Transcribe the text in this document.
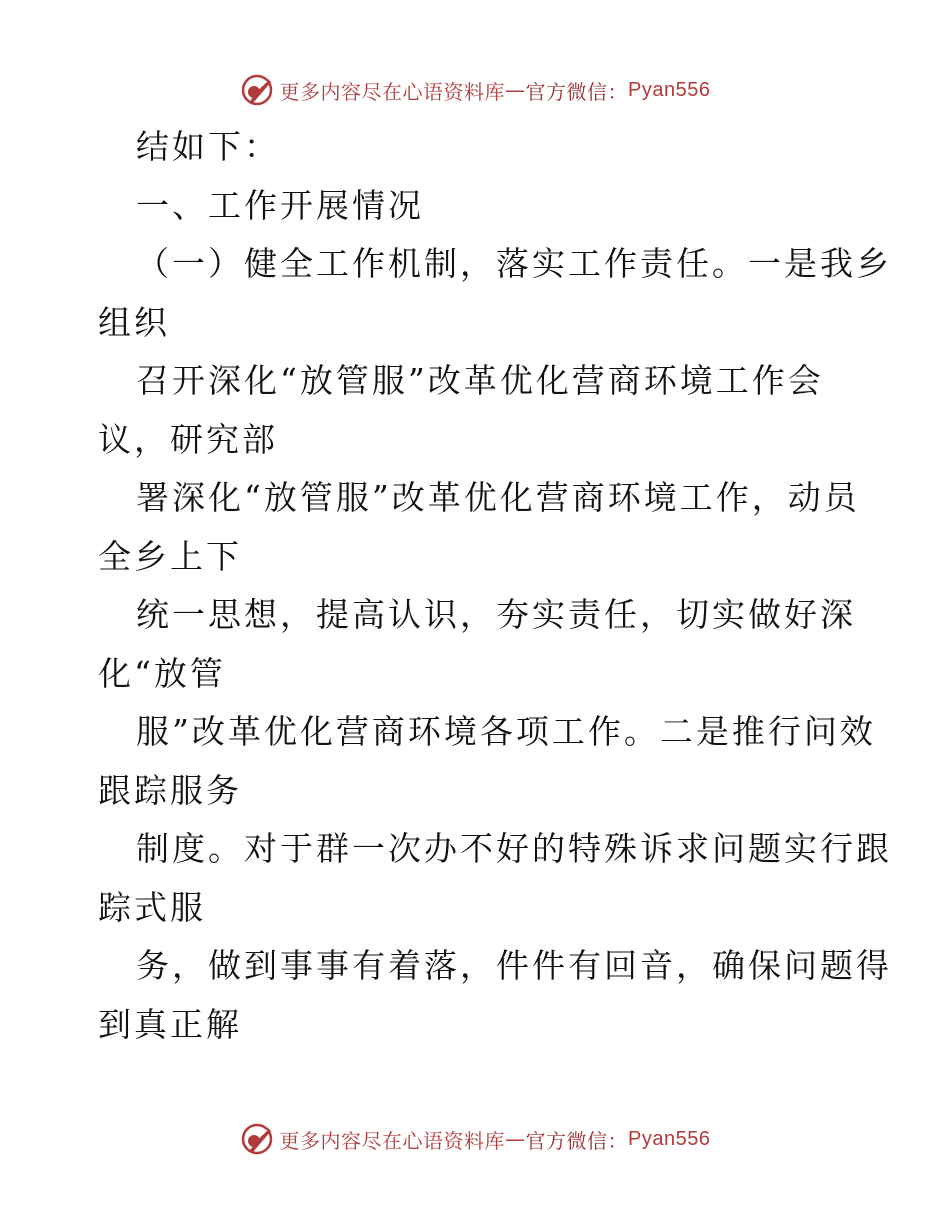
更多内容尽在心语资料库 — 官方微信： Pyan556

结如下：

一、工作开展情况

（一）健全工作机制，落实工作责任。一是我乡

组织

召开深化“放管服”改革优化营商环境工作会

议，研究部

署深化“放管服”改革优化营商环境工作，动员

全乡上下

统一思想，提高认识，夯实责任，切实做好深

化“放管

服”改革优化营商环境各项工作。二是推行问效

跟踪服务

制度。对于群一次办不好的特殊诉求问题实行跟

踪式服

务，做到事事有着落，件件有回音，确保问题得

到真正解

更多内容尽在心语资料库 — 官方微信： Pyan556
